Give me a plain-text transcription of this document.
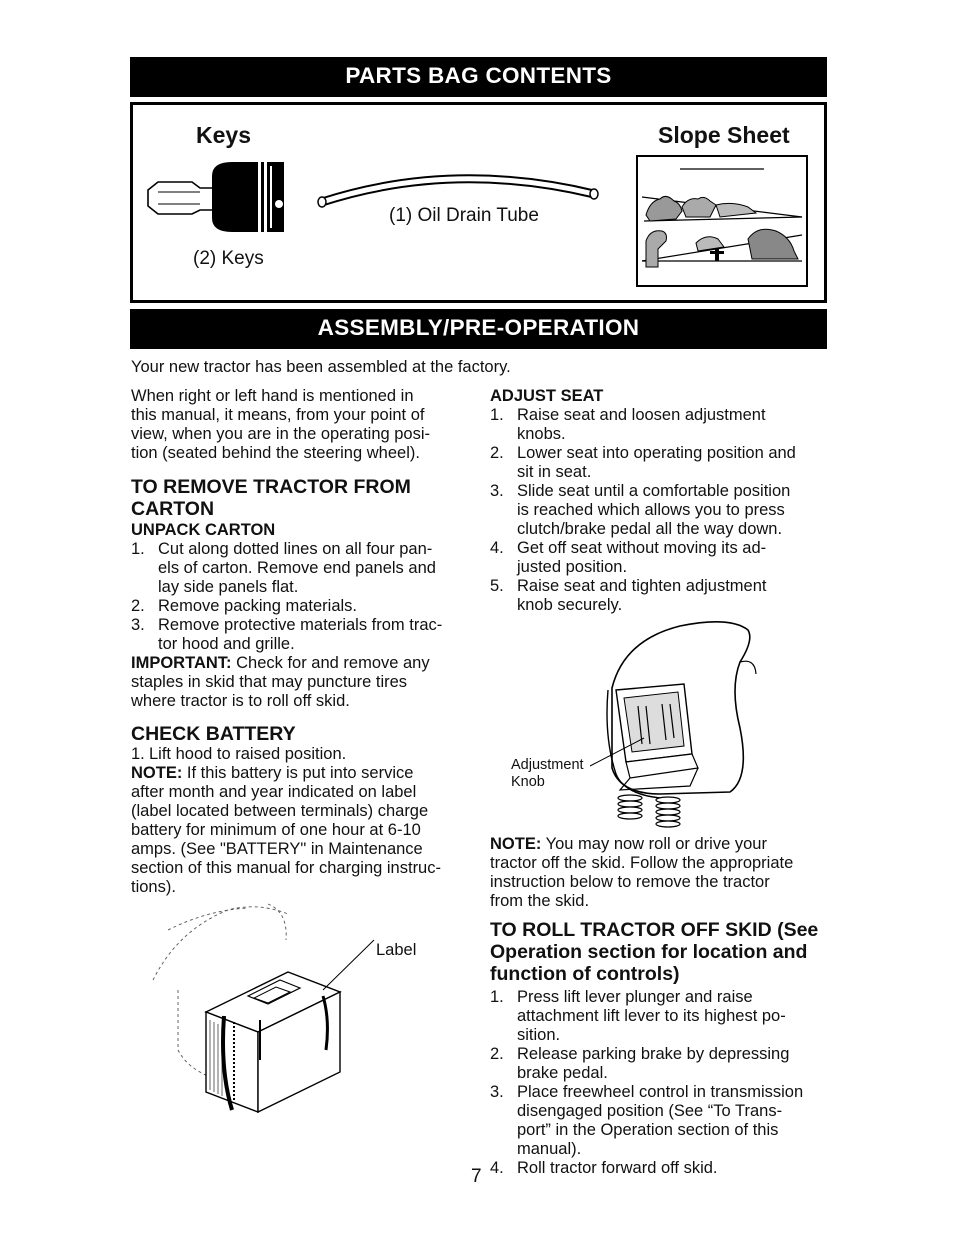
PARTS BAG CONTENTS
Keys
(2) Keys
(1) Oil Drain Tube
Slope Sheet
ASSEMBLY/PRE-OPERATION
Your new tractor has been assembled at the factory.
When right or left hand is mentioned in
this manual, it means, from your point of
view, when you are in the operating posi-
tion (seated behind the steering wheel).
TO REMOVE TRACTOR FROM
CARTON
UNPACK CARTON
1. Cut along dotted lines on all four pan-
els of carton. Remove end panels and
lay side panels flat.
2. Remove packing materials.
3. Remove protective materials from trac-
tor hood and grille.
IMPORTANT: Check for and remove any
staples in skid that may puncture tires
where tractor is to roll off skid.
CHECK BATTERY
1. Lift hood to raised position.
NOTE: If this battery is put into service
after month and year indicated on label
(label located between terminals) charge
battery for minimum of one hour at 6-10
amps. (See "BATTERY" in Maintenance
section of this manual for charging instruc-
tions).
Label
ADJUST SEAT
1. Raise seat and loosen adjustment
knobs.
2. Lower seat into operating position and
sit in seat.
3. Slide seat until a comfortable position
is reached which allows you to press
clutch/brake pedal all the way down.
4. Get off seat without moving its ad-
justed position.
5. Raise seat and tighten adjustment
knob securely.
Adjustment
Knob
NOTE: You may now roll or drive your
tractor off the skid. Follow the appropriate
instruction below to remove the tractor
from the skid.
TO ROLL TRACTOR OFF SKID (See
Operation section for location and
function of controls)
1. Press lift lever plunger and raise
attachment lift lever to its highest po-
sition.
2. Release parking brake by depressing
brake pedal.
3. Place freewheel control in transmission
disengaged position (See “To Trans-
port” in the Operation section of this
manual).
4. Roll tractor forward off skid.
7
